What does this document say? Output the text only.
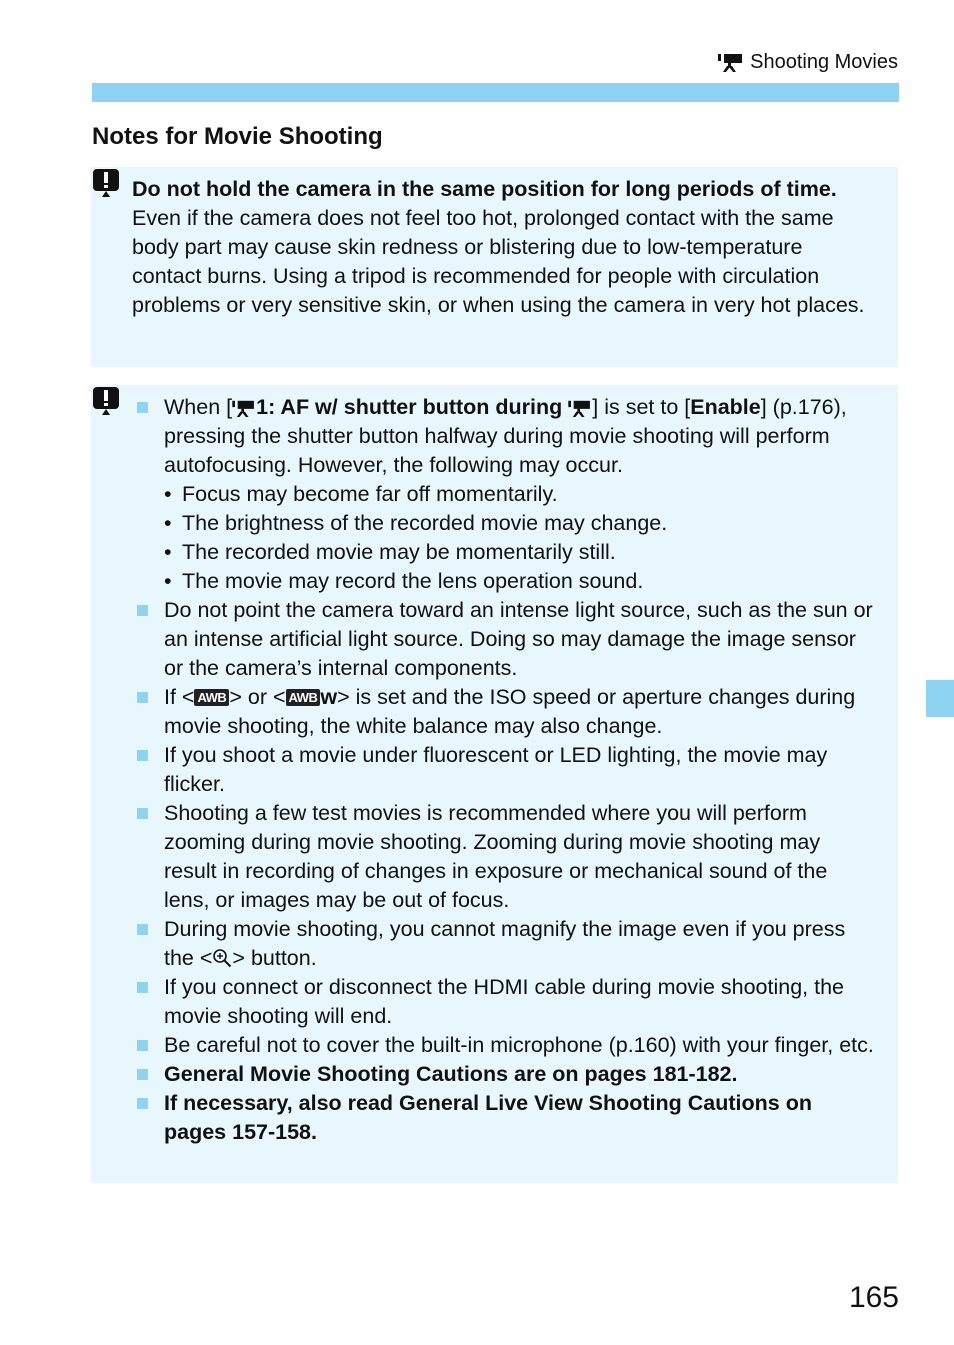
Shooting Movies
Notes for Movie Shooting

Do not hold the camera in the same position for long periods of time.

Even if the camera does not feel too hot, prolonged contact with the same body part may cause skin redness or blistering due to low-temperature contact burns. Using a tripod is recommended for people with circulation problems or very sensitive skin, or when using the camera in very hot places.

When [ 1: AF w/ shutter button during ] is set to [Enable] (p.176), pressing the shutter button halfway during movie shooting will perform autofocusing. However, the following may occur.
• Focus may become far off momentarily.
• The brightness of the recorded movie may change.
• The recorded movie may be momentarily still.
• The movie may record the lens operation sound.
Do not point the camera toward an intense light source, such as the sun or an intense artificial light source. Doing so may damage the image sensor or the camera’s internal components.
If < AWB > or < AWB w> is set and the ISO speed or aperture changes during movie shooting, the white balance may also change.
If you shoot a movie under fluorescent or LED lighting, the movie may flicker.
Shooting a few test movies is recommended where you will perform zooming during movie shooting. Zooming during movie shooting may result in recording of changes in exposure or mechanical sound of the lens, or images may be out of focus.
During movie shooting, you cannot magnify the image even if you press the < > button.
If you connect or disconnect the HDMI cable during movie shooting, the movie shooting will end.
Be careful not to cover the built-in microphone (p.160) with your finger, etc.
General Movie Shooting Cautions are on pages 181-182.
If necessary, also read General Live View Shooting Cautions on pages 157-158.
165
